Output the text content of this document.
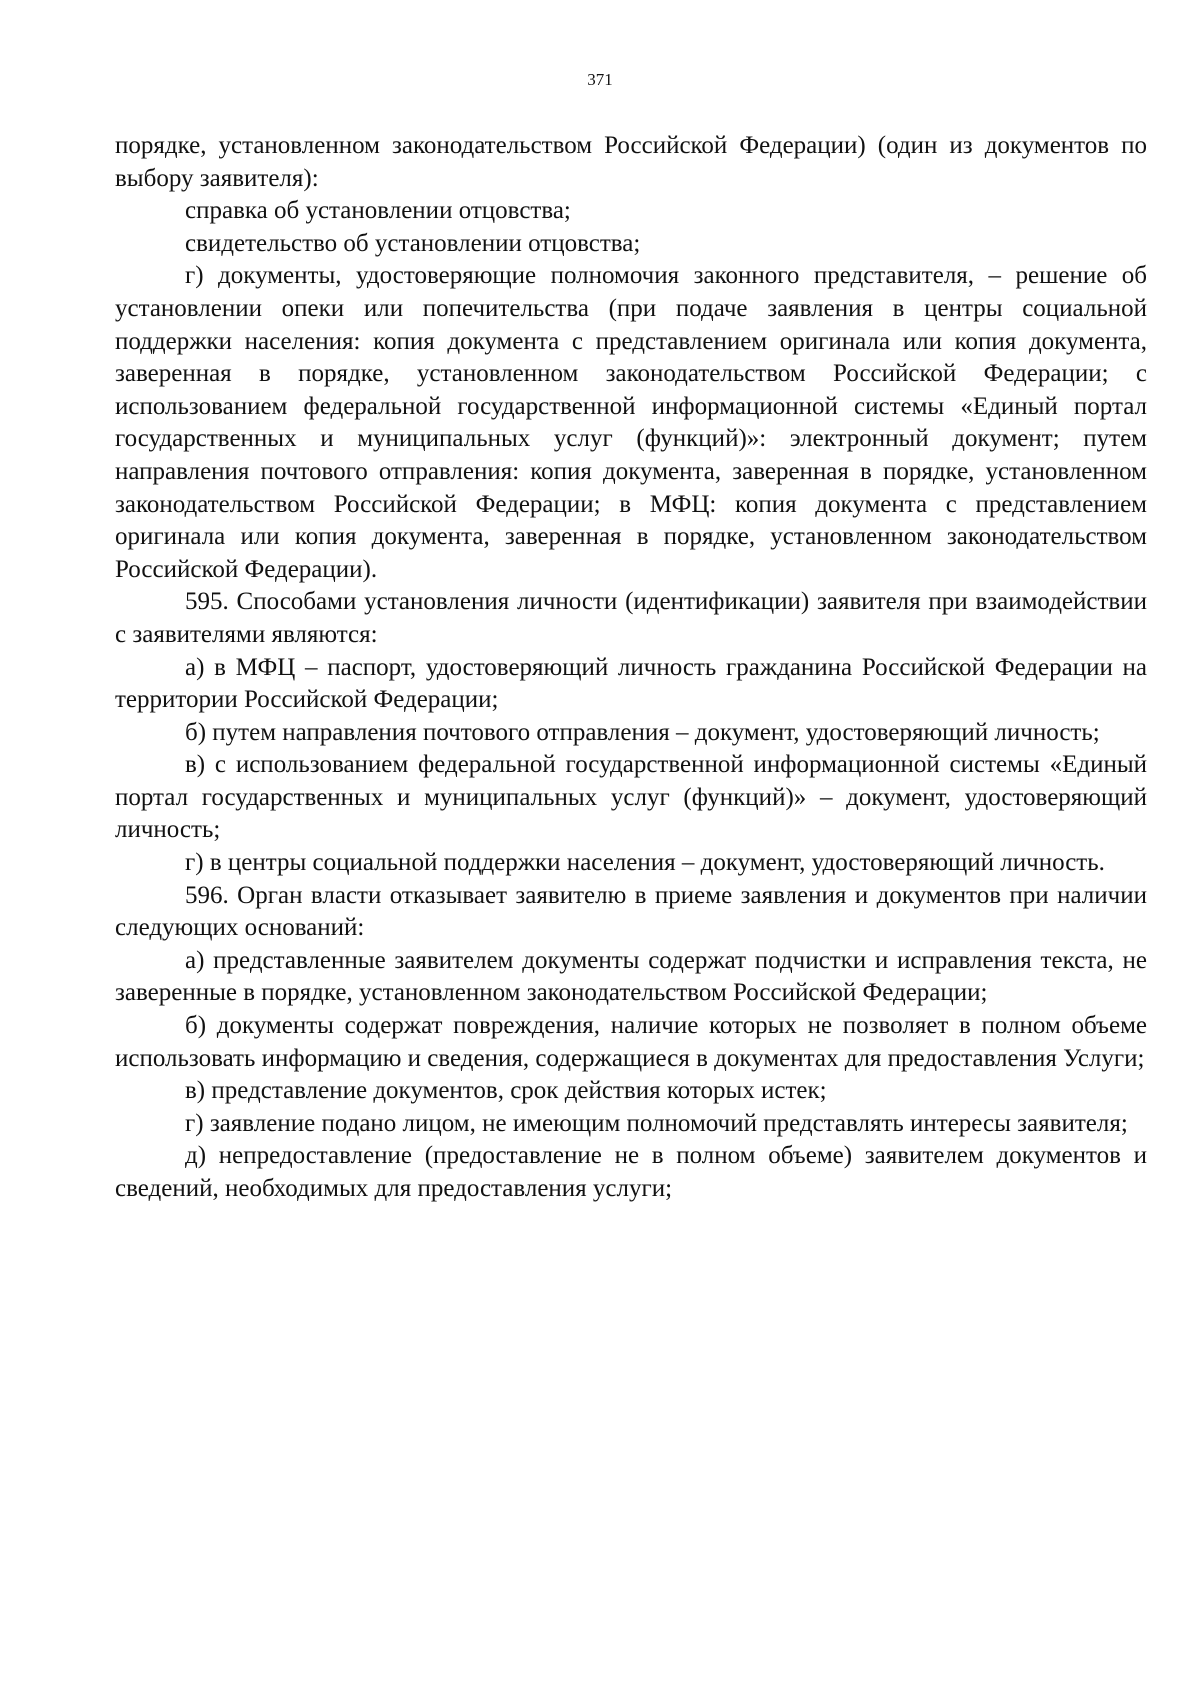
371

порядке, установленном законодательством Российской Федерации) (один из документов по выбору заявителя):

справка об установлении отцовства;

свидетельство об установлении отцовства;

г) документы, удостоверяющие полномочия законного представителя, – решение об установлении опеки или попечительства (при подаче заявления в центры социальной поддержки населения: копия документа с представлением оригинала или копия документа, заверенная в порядке, установленном законодательством Российской Федерации; с использованием федеральной государственной информационной системы «Единый портал государственных и муниципальных услуг (функций)»: электронный документ; путем направления почтового отправления: копия документа, заверенная в порядке, установленном законодательством Российской Федерации; в МФЦ: копия документа с представлением оригинала или копия документа, заверенная в порядке, установленном законодательством Российской Федерации).

595. Способами установления личности (идентификации) заявителя при взаимодействии с заявителями являются:

а) в МФЦ – паспорт, удостоверяющий личность гражданина Российской Федерации на территории Российской Федерации;

б) путем направления почтового отправления – документ, удостоверяющий личность;

в) с использованием федеральной государственной информационной системы «Единый портал государственных и муниципальных услуг (функций)» – документ, удостоверяющий личность;

г) в центры социальной поддержки населения – документ, удостоверяющий личность.

596. Орган власти отказывает заявителю в приеме заявления и документов при наличии следующих оснований:

а) представленные заявителем документы содержат подчистки и исправления текста, не заверенные в порядке, установленном законодательством Российской Федерации;

б) документы содержат повреждения, наличие которых не позволяет в полном объеме использовать информацию и сведения, содержащиеся в документах для предоставления Услуги;

в) представление документов, срок действия которых истек;

г) заявление подано лицом, не имеющим полномочий представлять интересы заявителя;

д) непредоставление (предоставление не в полном объеме) заявителем документов и сведений, необходимых для предоставления услуги;
